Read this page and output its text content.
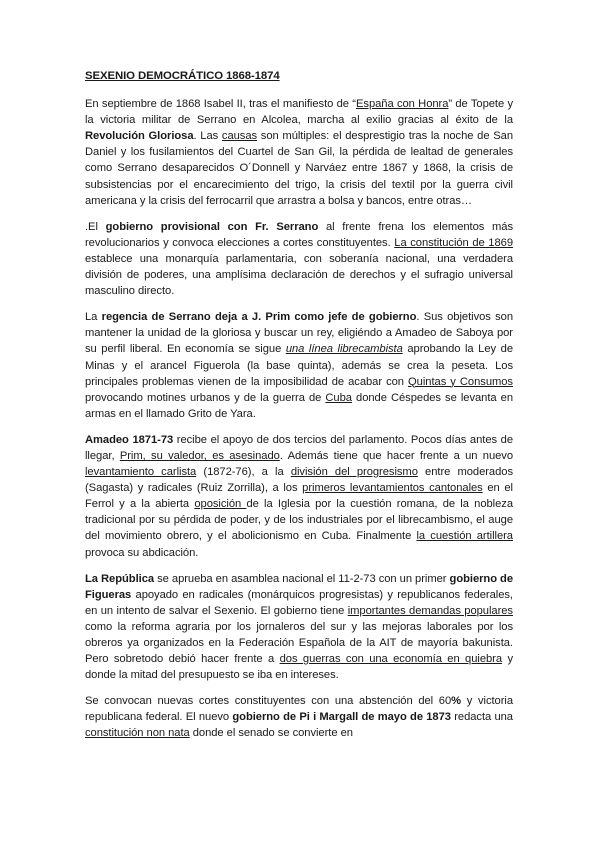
SEXENIO DEMOCRÁTICO 1868-1874

En septiembre de 1868 Isabel II, tras el manifiesto de “España con Honra” de Topete y la victoria militar de Serrano en Alcolea, marcha al exilio gracias al éxito de la Revolución Gloriosa. Las causas son múltiples: el desprestigio tras la noche de San Daniel y los fusilamientos del Cuartel de San Gil, la pérdida de lealtad de generales como Serrano desaparecidos O´Donnell y Narváez entre 1867 y 1868, la crisis de subsistencias por el encarecimiento del trigo, la crisis del textil por la guerra civil americana y la crisis del ferrocarril que arrastra a bolsa y bancos, entre otras…

.El gobierno provisional con Fr. Serrano al frente frena los elementos más revolucionarios y convoca elecciones a cortes constituyentes. La constitución de 1869 establece una monarquía parlamentaria, con soberanía nacional, una verdadera división de poderes, una amplísima declaración de derechos y el sufragio universal masculino directo.

La regencia de Serrano deja a J. Prim como jefe de gobierno. Sus objetivos son mantener la unidad de la gloriosa y buscar un rey, eligiéndo a Amadeo de Saboya por su perfil liberal. En economía se sigue una línea librecambista aprobando la Ley de Minas y el arancel Figuerola (la base quinta), además se crea la peseta. Los principales problemas vienen de la imposibilidad de acabar con Quintas y Consumos provocando motines urbanos y de la guerra de Cuba donde Céspedes se levanta en armas en el llamado Grito de Yara.

Amadeo 1871-73 recibe el apoyo de dos tercios del parlamento. Pocos días antes de llegar, Prim, su valedor, es asesinado. Además tiene que hacer frente a un nuevo levantamiento carlista (1872-76), a la división del progresismo entre moderados (Sagasta) y radicales (Ruiz Zorrilla), a los primeros levantamientos cantonales en el Ferrol y a la abierta oposición de la Iglesia por la cuestión romana, de la nobleza tradicional por su pérdida de poder, y de los industriales por el librecambismo, el auge del movimiento obrero, y el abolicionismo en Cuba. Finalmente la cuestión artillera provoca su abdicación.

La República se aprueba en asamblea nacional el 11-2-73 con un primer gobierno de Figueras apoyado en radicales (monárquicos progresistas) y republicanos federales, en un intento de salvar el Sexenio. El gobierno tiene importantes demandas populares como la reforma agraria por los jornaleros del sur y las mejoras laborales por los obreros ya organizados en la Federación Española de la AIT de mayoría bakunista. Pero sobretodo debió hacer frente a dos guerras con una economía en quiebra y donde la mitad del presupuesto se iba en intereses.

Se convocan nuevas cortes constituyentes con una abstención del 60% y victoria republicana federal. El nuevo gobierno de Pi i Margall de mayo de 1873 redacta una constitución non nata donde el senado se convierte en
